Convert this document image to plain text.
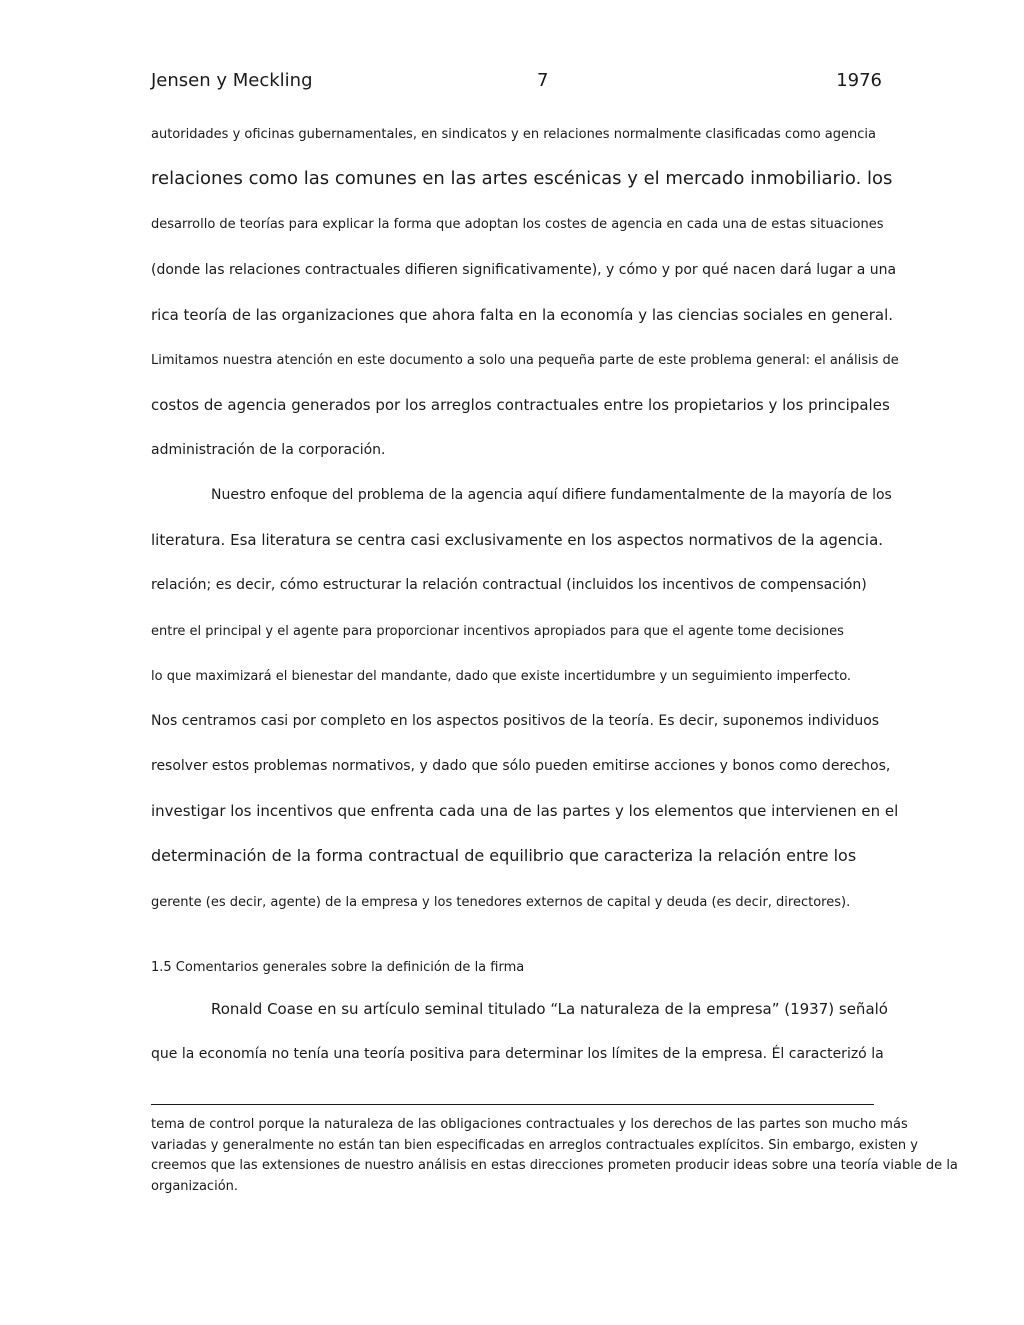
Jensen y Meckling	7	1976
autoridades y oficinas gubernamentales, en sindicatos y en relaciones normalmente clasificadas como agencia
relaciones como las comunes en las artes escénicas y el mercado inmobiliario. los
desarrollo de teorías para explicar la forma que adoptan los costes de agencia en cada una de estas situaciones
(donde las relaciones contractuales difieren significativamente), y cómo y por qué nacen dará lugar a una
rica teoría de las organizaciones que ahora falta en la economía y las ciencias sociales en general.
Limitamos nuestra atención en este documento a solo una pequeña parte de este problema general: el análisis de
costos de agencia generados por los arreglos contractuales entre los propietarios y los principales
administración de la corporación.
Nuestro enfoque del problema de la agencia aquí difiere fundamentalmente de la mayoría de los
literatura. Esa literatura se centra casi exclusivamente en los aspectos normativos de la agencia.
relación; es decir, cómo estructurar la relación contractual (incluidos los incentivos de compensación)
entre el principal y el agente para proporcionar incentivos apropiados para que el agente tome decisiones
lo que maximizará el bienestar del mandante, dado que existe incertidumbre y un seguimiento imperfecto.
Nos centramos casi por completo en los aspectos positivos de la teoría. Es decir, suponemos individuos
resolver estos problemas normativos, y dado que sólo pueden emitirse acciones y bonos como derechos,
investigar los incentivos que enfrenta cada una de las partes y los elementos que intervienen en el
determinación de la forma contractual de equilibrio que caracteriza la relación entre los
gerente (es decir, agente) de la empresa y los tenedores externos de capital y deuda (es decir, directores).
1.5 Comentarios generales sobre la definición de la firma
Ronald Coase en su artículo seminal titulado “La naturaleza de la empresa” (1937) señaló
que la economía no tenía una teoría positiva para determinar los límites de la empresa. Él caracterizó la
tema de control porque la naturaleza de las obligaciones contractuales y los derechos de las partes son mucho más
variadas y generalmente no están tan bien especificadas en arreglos contractuales explícitos. Sin embargo, existen y
creemos que las extensiones de nuestro análisis en estas direcciones prometen producir ideas sobre una teoría viable de la
organización.
